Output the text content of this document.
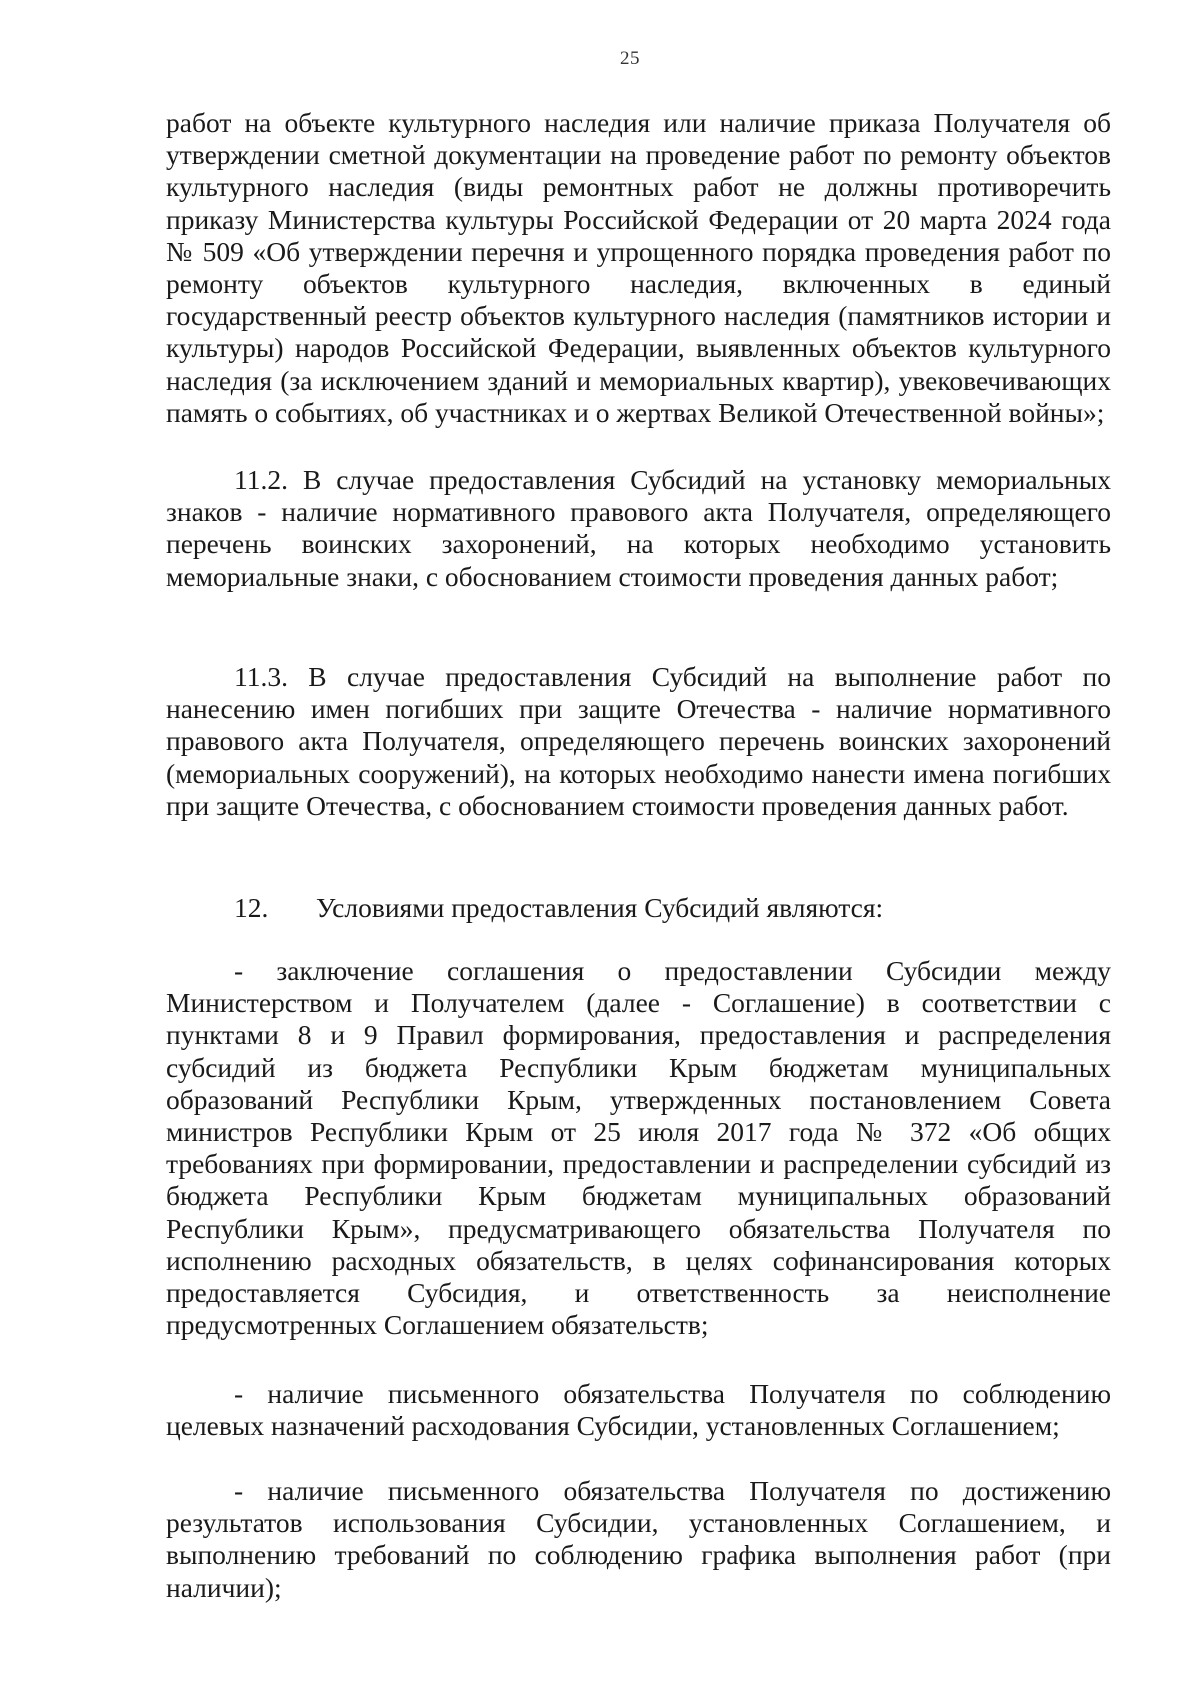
25

работ на объекте культурного наследия или наличие приказа Получателя об утверждении сметной документации на проведение работ по ремонту объектов культурного наследия (виды ремонтных работ не должны противоречить приказу Министерства культуры Российской Федерации от 20 марта 2024 года № 509 «Об утверждении перечня и упрощенного порядка проведения работ по ремонту объектов культурного наследия, включенных в единый государственный реестр объектов культурного наследия (памятников истории и культуры) народов Российской Федерации, выявленных объектов культурного наследия (за исключением зданий и мемориальных квартир), увековечивающих память о событиях, об участниках и о жертвах Великой Отечественной войны»;

11.2. В случае предоставления Субсидий на установку мемориальных знаков - наличие нормативного правового акта Получателя, определяющего перечень воинских захоронений, на которых необходимо установить мемориальные знаки, с обоснованием стоимости проведения данных работ;

11.3. В случае предоставления Субсидий на выполнение работ по нанесению имен погибших при защите Отечества - наличие нормативного правового акта Получателя, определяющего перечень воинских захоронений (мемориальных сооружений), на которых необходимо нанести имена погибших при защите Отечества, с обоснованием стоимости проведения данных работ.

12. Условиями предоставления Субсидий являются:

- заключение соглашения о предоставлении Субсидии между Министерством и Получателем (далее - Соглашение) в соответствии с пунктами 8 и 9 Правил формирования, предоставления и распределения субсидий из бюджета Республики Крым бюджетам муниципальных образований Республики Крым, утвержденных постановлением Совета министров Республики Крым от 25 июля 2017 года № 372 «Об общих требованиях при формировании, предоставлении и распределении субсидий из бюджета Республики Крым бюджетам муниципальных образований Республики Крым», предусматривающего обязательства Получателя по исполнению расходных обязательств, в целях софинансирования которых предоставляется Субсидия, и ответственность за неисполнение предусмотренных Соглашением обязательств;

- наличие письменного обязательства Получателя по соблюдению целевых назначений расходования Субсидии, установленных Соглашением;

- наличие письменного обязательства Получателя по достижению результатов использования Субсидии, установленных Соглашением, и выполнению требований по соблюдению графика выполнения работ (при наличии);
